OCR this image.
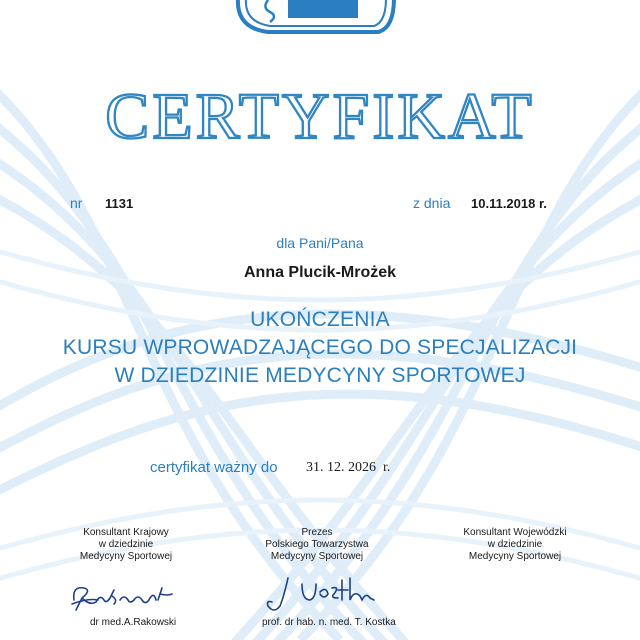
CERTYFIKAT
nr 1131	z dnia 10.11.2018 r.
dla Pani/Pana
Anna Plucik-Mrożek
UKOŃCZENIA
KURSU WPROWADZAJĄCEGO DO SPECJALIZACJI
W DZIEDZINIE MEDYCYNY SPORTOWEJ
certyfikat ważny do 31. 12. 2026  r.
Konsultant Krajowy
w dziedzinie
Medycyny Sportowej
Prezes
Polskiego Towarzystwa
Medycyny Sportowej
Konsultant Wojewódzki
w dziedzinie
Medycyny Sportowej
dr med.A.Rakowski	prof. dr hab. n. med. T. Kostka
